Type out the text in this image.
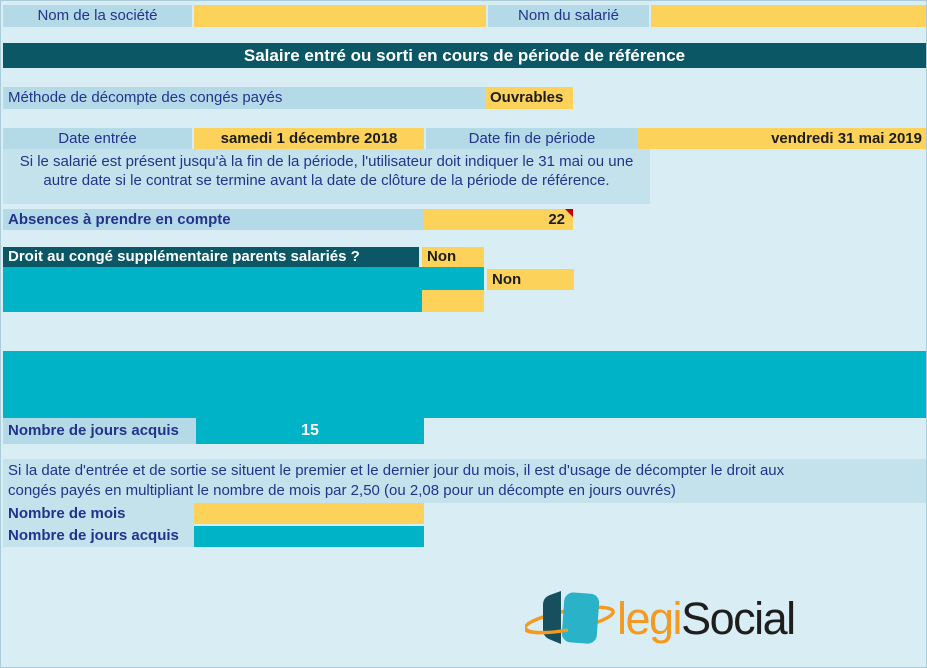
Nom de la société	Nom du salarié
Salaire entré ou sorti en cours de période de référence
Méthode de décompte des congés payés	Ouvrables
Date entrée	samedi 1 décembre 2018	Date fin de période	vendredi 31 mai 2019
Si le salarié est présent jusqu'à la fin de la période, l'utilisateur doit indiquer le 31 mai ou une
autre date si le contrat se termine avant la date de clôture de la période de référence.
Absences à prendre en compte	22
Droit au congé supplémentaire parents salariés ?	Non
Non
Nombre de jours acquis	15
Si la date d'entrée et de sortie se situent le premier et le dernier jour du mois, il est d'usage de décompter le droit aux
congés payés en multipliant le nombre de mois par 2,50 (ou 2,08 pour un décompte en jours ouvrés)
Nombre de mois
Nombre de jours acquis
legiSocial
